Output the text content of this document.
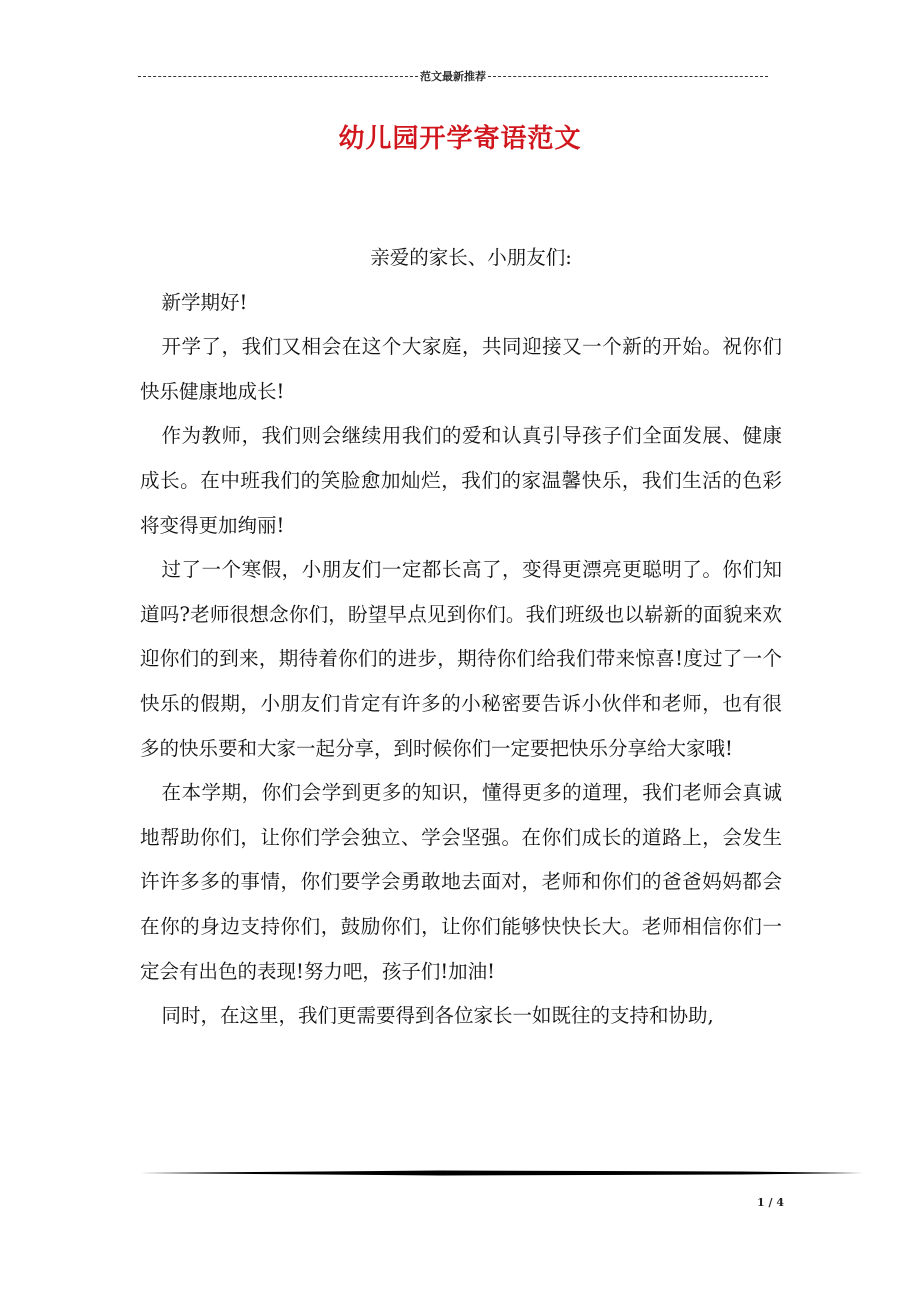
范文最新推荐
幼儿园开学寄语范文

亲爱的家长、小朋友们:

新学期好!

开学了，我们又相会在这个大家庭，共同迎接又一个新的开始。祝你们快乐健康地成长!

作为教师，我们则会继续用我们的爱和认真引导孩子们全面发展、健康成长。在中班我们的笑脸愈加灿烂，我们的家温馨快乐，我们生活的色彩将变得更加绚丽!

过了一个寒假，小朋友们一定都长高了，变得更漂亮更聪明了。你们知道吗?老师很想念你们，盼望早点见到你们。我们班级也以崭新的面貌来欢迎你们的到来，期待着你们的进步，期待你们给我们带来惊喜!度过了一个快乐的假期，小朋友们肯定有许多的小秘密要告诉小伙伴和老师，也有很多的快乐要和大家一起分享，到时候你们一定要把快乐分享给大家哦!

在本学期，你们会学到更多的知识，懂得更多的道理，我们老师会真诚地帮助你们，让你们学会独立、学会坚强。在你们成长的道路上，会发生许许多多的事情，你们要学会勇敢地去面对，老师和你们的爸爸妈妈都会在你的身边支持你们，鼓励你们，让你们能够快快长大。老师相信你们一定会有出色的表现!努力吧，孩子们!加油!

同时，在这里，我们更需要得到各位家长一如既往的支持和协助,

1 / 4
